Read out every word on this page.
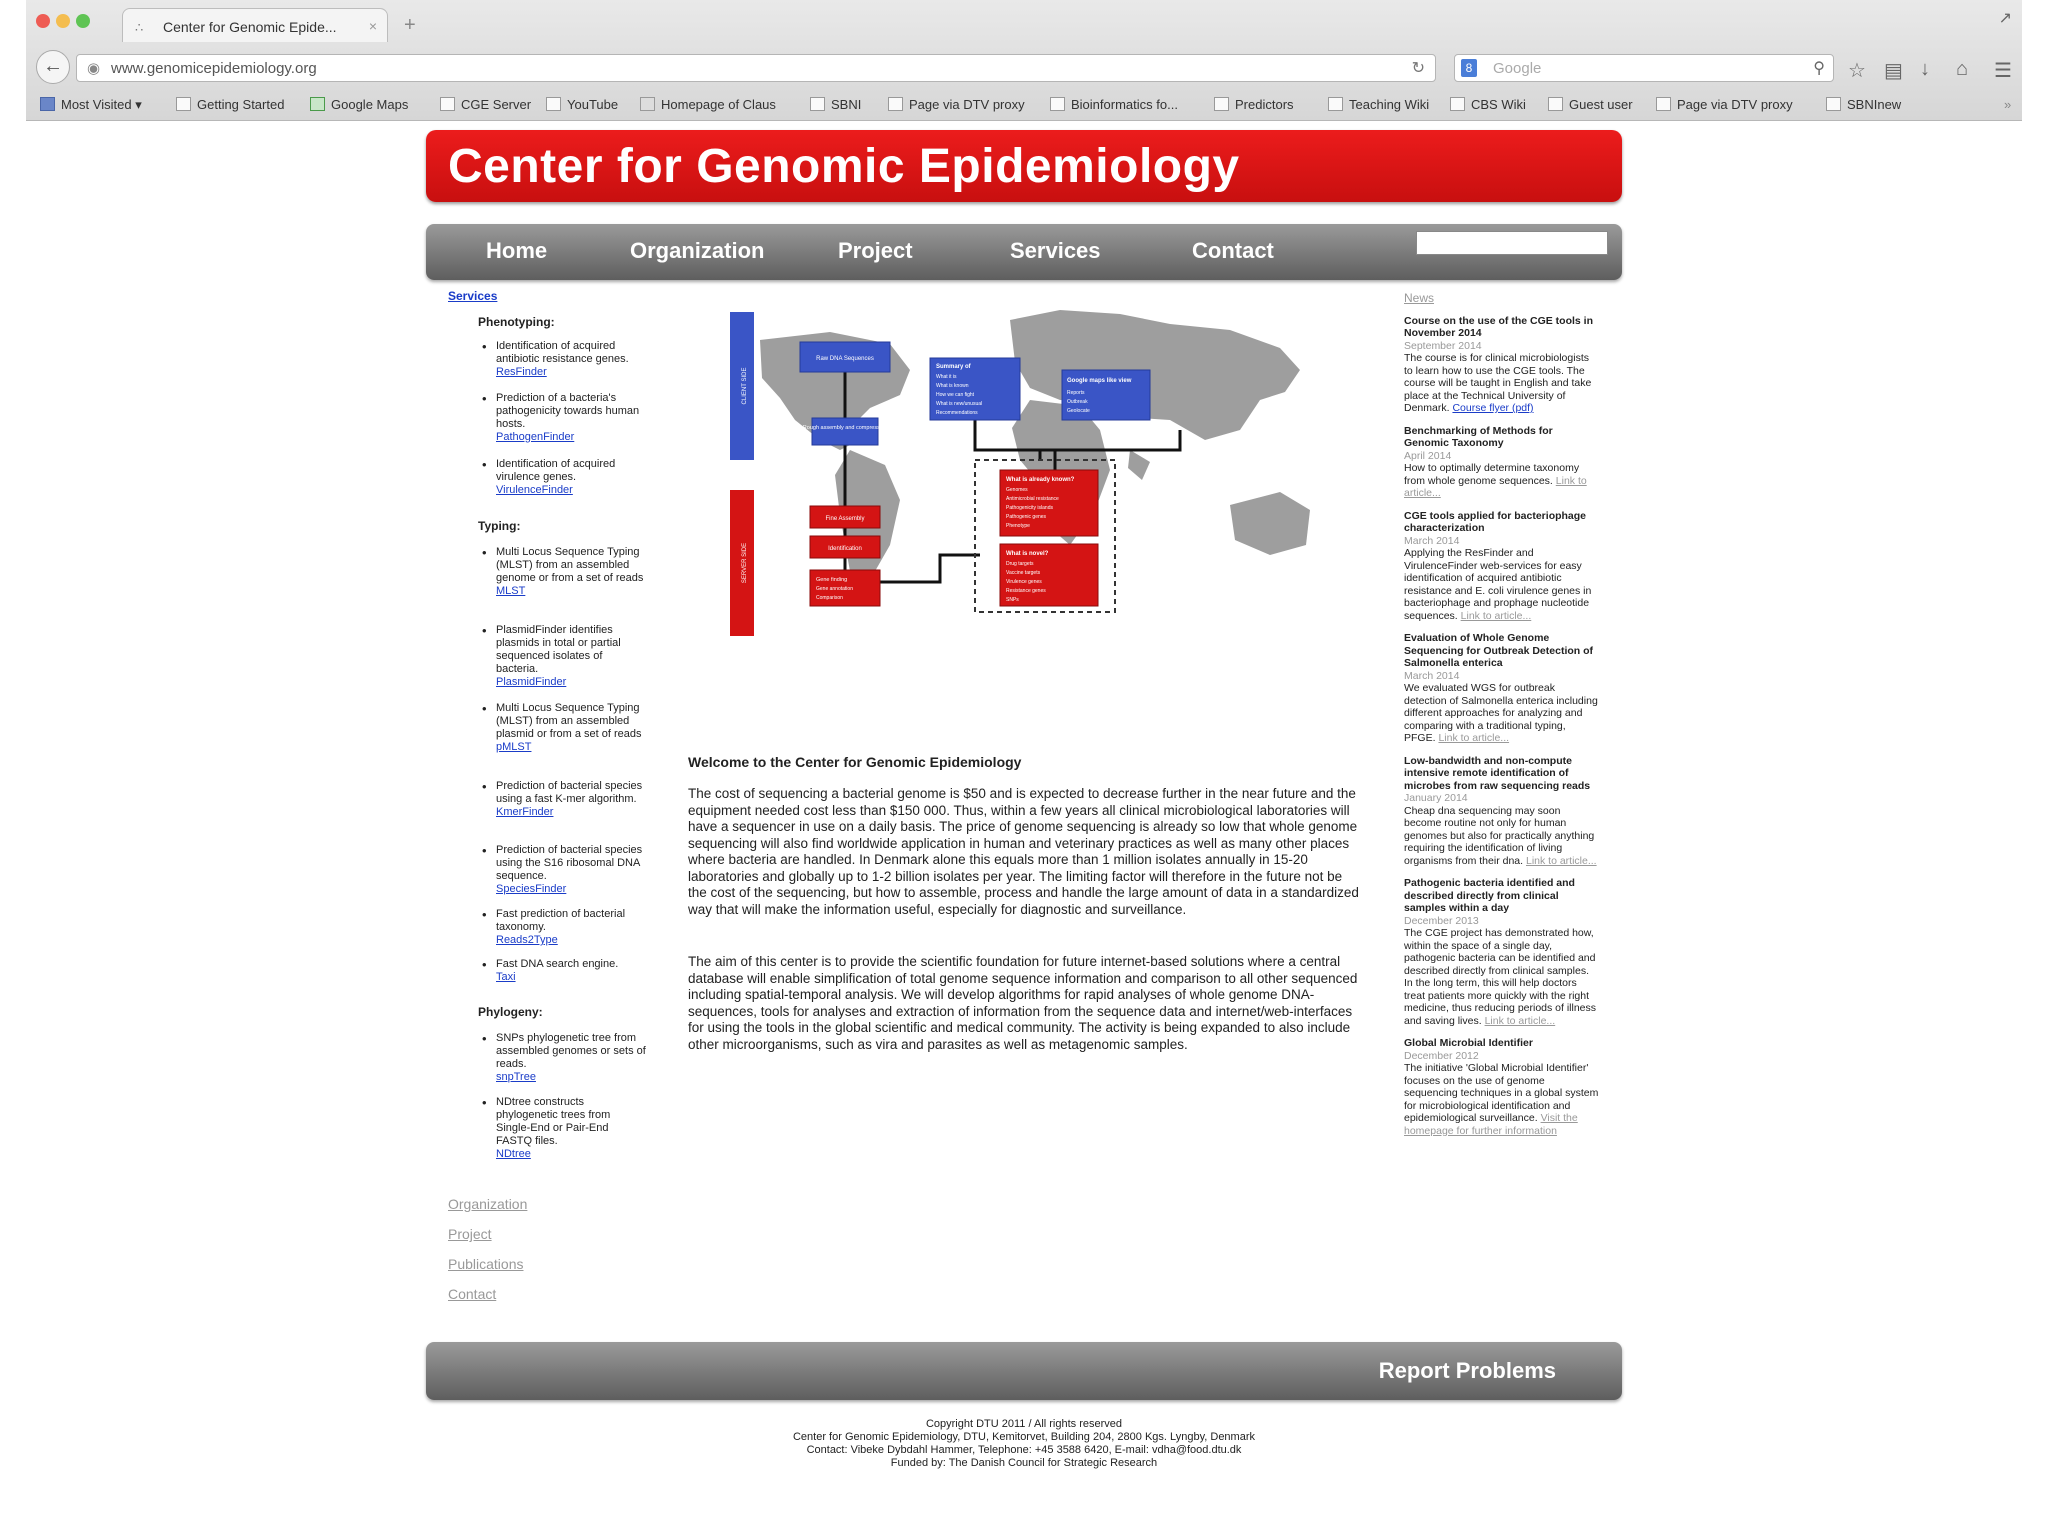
∴ Center for Genomic Epide... × +	↗
←	◉ www.genomicepidemiology.org	↻	8	Google	⚲ ☆ ▤ ↓ ⌂ ☰
Most Visited ▾	Getting Started	Google Maps	CGE Server	YouTube	Homepage of Claus	SBNI	Page via DTV proxy	Bioinformatics fo...	Predictors	Teaching Wiki	CBS Wiki	Guest user	Page via DTV proxy	SBNInew	»
Center for Genomic Epidemiology
Home	Organization	Project	Services	Contact
Services
Phenotyping:
• Identification of acquired antibiotic resistance genes.
ResFinder
• Prediction of a bacteria's pathogenicity towards human hosts.
PathogenFinder
• Identification of acquired virulence genes.
VirulenceFinder
Typing:
• Multi Locus Sequence Typing (MLST) from an assembled genome or from a set of reads
MLST
• PlasmidFinder identifies plasmids in total or partial sequenced isolates of bacteria.
PlasmidFinder
• Multi Locus Sequence Typing (MLST) from an assembled plasmid or from a set of reads
pMLST
• Prediction of bacterial species using a fast K-mer algorithm.
KmerFinder
• Prediction of bacterial species using the S16 ribosomal DNA sequence.
SpeciesFinder
• Fast prediction of bacterial taxonomy.
Reads2Type
• Fast DNA search engine.
Taxi
Phylogeny:
• SNPs phylogenetic tree from assembled genomes or sets of reads.
snpTree
• NDtree constructs phylogenetic trees from Single-End or Pair-End FASTQ files.
NDtree
Organization
Project
Publications
Contact
CLIENT SIDE
SERVER SIDE
Raw DNA Sequences
Rough assembly and compression
Summary of
What it is
What is known
How we can fight
What is new/unusual
Recommendations
Google maps like view
Reports
Outbreak
Geolocate
Fine Assembly
Identification
Gene finding
Gene annotation
Comparison
What is already known?
Genomes
Antimicrobial resistance
Pathogenicity islands
Pathogenic genes
Phenotype
What is novel?
Drug targets
Vaccine targets
Virulence genes
Resistance genes
SNPs
Welcome to the Center for Genomic Epidemiology
The cost of sequencing a bacterial genome is $50 and is expected to decrease further in the near future and the equipment needed cost less than $150 000. Thus, within a few years all clinical microbiological laboratories will have a sequencer in use on a daily basis. The price of genome sequencing is already so low that whole genome sequencing will also find worldwide application in human and veterinary practices as well as many other places where bacteria are handled. In Denmark alone this equals more than 1 million isolates annually in 15-20 laboratories and globally up to 1-2 billion isolates per year. The limiting factor will therefore in the future not be the cost of the sequencing, but how to assemble, process and handle the large amount of data in a standardized way that will make the information useful, especially for diagnostic and surveillance.
The aim of this center is to provide the scientific foundation for future internet-based solutions where a central database will enable simplification of total genome sequence information and comparison to all other sequenced including spatial-temporal analysis. We will develop algorithms for rapid analyses of whole genome DNA-sequences, tools for analyses and extraction of information from the sequence data and internet/web-interfaces for using the tools in the global scientific and medical community. The activity is being expanded to also include other microorganisms, such as vira and parasites as well as metagenomic samples.
News
Course on the use of the CGE tools in November 2014
September 2014
The course is for clinical microbiologists to learn how to use the CGE tools. The course will be taught in English and take place at the Technical University of Denmark. Course flyer (pdf)
Benchmarking of Methods for Genomic Taxonomy
April 2014
How to optimally determine taxonomy from whole genome sequences. Link to article...
CGE tools applied for bacteriophage characterization
March 2014
Applying the ResFinder and VirulenceFinder web-services for easy identification of acquired antibiotic resistance and E. coli virulence genes in bacteriophage and prophage nucleotide sequences. Link to article...
Evaluation of Whole Genome Sequencing for Outbreak Detection of Salmonella enterica
March 2014
We evaluated WGS for outbreak detection of Salmonella enterica including different approaches for analyzing and comparing with a traditional typing, PFGE. Link to article...
Low-bandwidth and non-compute intensive remote identification of microbes from raw sequencing reads
January 2014
Cheap dna sequencing may soon become routine not only for human genomes but also for practically anything requiring the identification of living organisms from their dna. Link to article...
Pathogenic bacteria identified and described directly from clinical samples within a day
December 2013
The CGE project has demonstrated how, within the space of a single day, pathogenic bacteria can be identified and described directly from clinical samples. In the long term, this will help doctors treat patients more quickly with the right medicine, thus reducing periods of illness and saving lives. Link to article...
Global Microbial Identifier
December 2012
The initiative 'Global Microbial Identifier' focuses on the use of genome sequencing techniques in a global system for microbiological identification and epidemiological surveillance. Visit the homepage for further information
Report Problems
Copyright DTU 2011 / All rights reserved
Center for Genomic Epidemiology, DTU, Kemitorvet, Building 204, 2800 Kgs. Lyngby, Denmark
Contact: Vibeke Dybdahl Hammer, Telephone: +45 3588 6420, E-mail: vdha@food.dtu.dk
Funded by: The Danish Council for Strategic Research
